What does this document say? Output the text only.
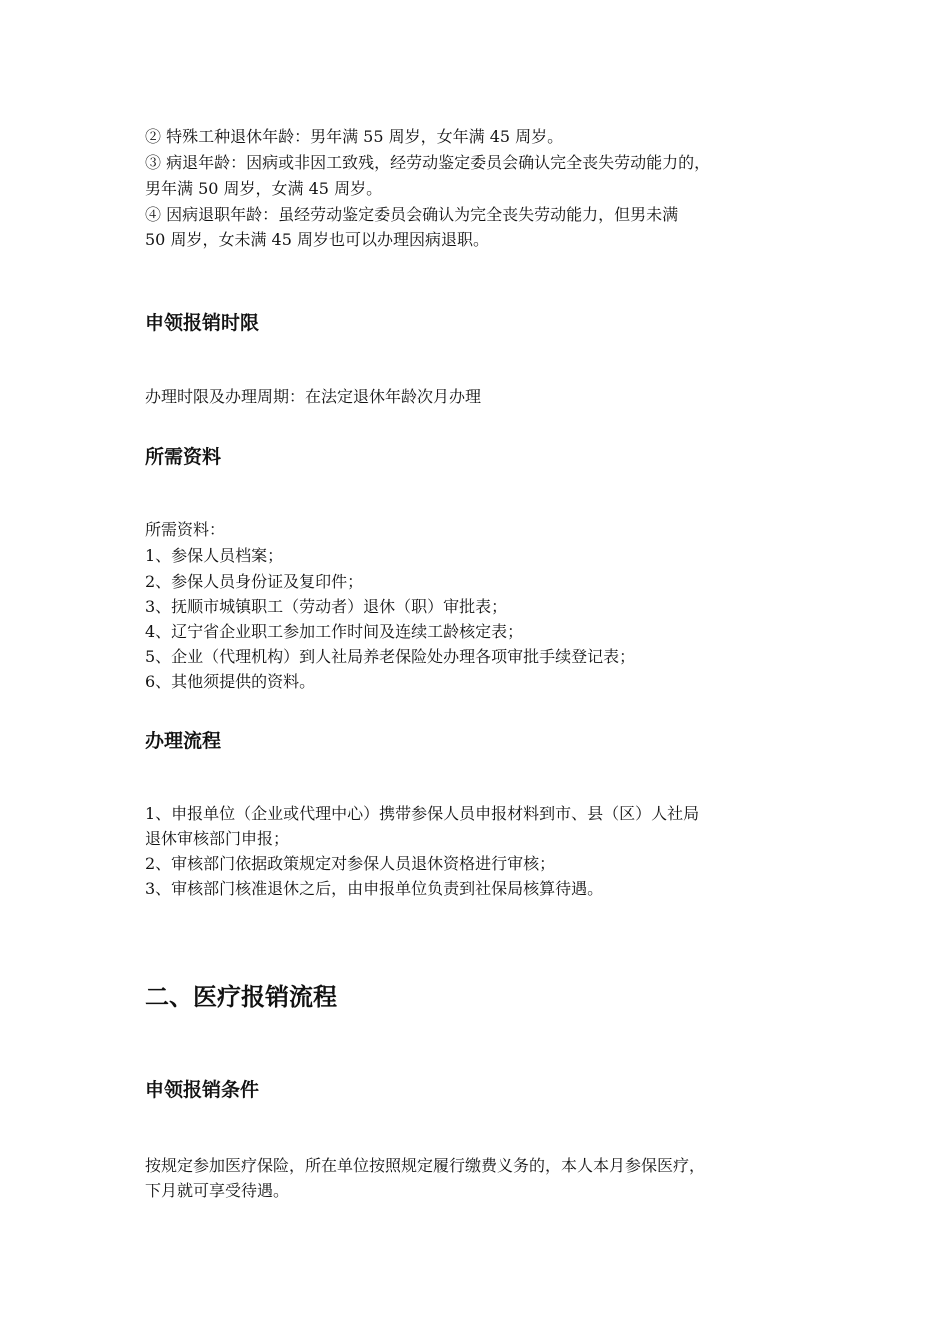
② 特殊工种退休年龄：男年满 55 周岁，女年满 45 周岁。
③ 病退年龄：因病或非因工致残，经劳动鉴定委员会确认完全丧失劳动能力的，
男年满 50 周岁，女满 45 周岁。
④ 因病退职年龄：虽经劳动鉴定委员会确认为完全丧失劳动能力，但男未满
50 周岁，女未满 45 周岁也可以办理因病退职。
申领报销时限
办理时限及办理周期：在法定退休年龄次月办理
所需资料
所需资料：
1、参保人员档案；
2、参保人员身份证及复印件；
3、抚顺市城镇职工（劳动者）退休（职）审批表；
4、辽宁省企业职工参加工作时间及连续工龄核定表；
5、企业（代理机构）到人社局养老保险处办理各项审批手续登记表；
6、其他须提供的资料。
办理流程
1、申报单位（企业或代理中心）携带参保人员申报材料到市、县（区）人社局
退休审核部门申报；
2、审核部门依据政策规定对参保人员退休资格进行审核；
3、审核部门核准退休之后，由申报单位负责到社保局核算待遇。
二、医疗报销流程
申领报销条件
按规定参加医疗保险，所在单位按照规定履行缴费义务的，本人本月参保医疗，
下月就可享受待遇。
